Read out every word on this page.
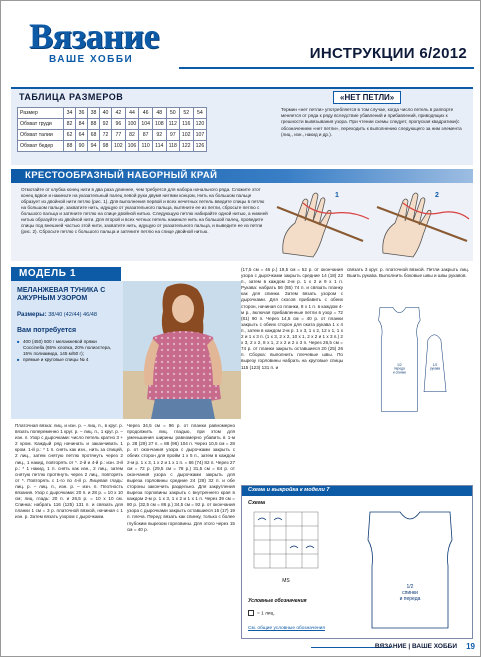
Вязание
ВАШЕ ХОББИ	ИНСТРУКЦИИ 6/2012
ТАБЛИЦА РАЗМЕРОВ
Размер	34	36	38	40	42	44	46	48	50	52	54
Обхват груди	82	84	88	92	96	100	104	108	112	116	120
Обхват талии	62	64	68	72	77	82	87	92	97	102	107
Обхват бедер	88	90	94	98	102	106	110	114	118	122	126
«НЕТ ПЕТЛИ»
Термин «нет петли» употребляется в том случае, когда число петель в раппорте меняется от ряда к ряду вследствие убавлений и прибавлений, приводящих к грешности вывязывания узора. При чтении схемы следует, пропуская квадратики(с обозначением «нет петли», переходить к выполнению следующего за ним элемента (лиц., изн., накид и др.).
КРЕСТООБРАЗНЫЙ НАБОРНЫЙ КРАЙ
Отмотайте от клубка конец нити в два раза длиннее, чем требуется для набора начального ряда. Сложите этот конец вдвое и накиньте на указательный палец левой руки двумя нитями концом, Нить на большом пальце образует из двойной нити петлю (рис. 1). Для выполнения первой и всех нечетных петель введите спицы в петлю на большом пальце, захватите нить, идущую от указательного пальца, вытяните ее из петли, сбросьте петлю с большого пальца и затяните петлю на спице двойной нитью. Следующую петлю набирайте одной нитью, а нижней нитью образуйте из двойной нити. Для второй и всех четных петель накиньте нить на большой палец, проведите спицы под внешней частью этой нити, захватите нить, идущую от указательного пальца, и выведите ее из петли (рис. 2). Сбросьте петлю с большого пальца и затяните петлю на спице двойной нитью.
1	2
МОДЕЛЬ 1
МЕЛАНЖЕВАЯ ТУНИКА С АЖУРНЫМ УЗОРОМ
Размеры: 38/40 (42/44) 46/48
Вам потребуется
■ 400 (450) 500 г меланжевой пряжи Coccinella (65% хлопка, 20% полиэстера, 15% полиамида, 145 м/50 г);
■ прямые и круговые спицы № 4
Платочная вязка: лиц. и изн. р. – лиц. п., в круг. р. вязать попеременно 1 круг. р. – лиц. п., 1 круг. р. – изн. п. Узор с дырочками: число петель кратно 3 + 2 кром. Каждый ряд начинать и заканчивать 1 кром. 1-й р.: * 1 п. снять как изн., нить за спицей, 2 лиц., затем снятую петлю протянуть через 2 лиц., 1 накид, повторять от *. 2-й и 4-й р.: изн. 3-й р.: * 1 накид, 1 п. снять как изн., 2 лиц., затем снятую петлю протянуть через 2 лиц., повторять от *. Повторять с 1-го по 4-й р. Лицевая гладь: лиц. р. – лиц. п., изн. р. – изн. п. Плотность вязания. Узор с дырочками: 20 п. и 28 р. = 10 х 10 см; лиц. гладь: 20 п. и 26,5 р. = 10 х 10 см. Спинка: набрать 116 (125) 131 п. и связать для планки 1 см = 3 р. платочной вязкой, начиная с 1 изн. р. Затем вязать узором с дырочками.
Через 34,5 см = 96 р. от планки равномерно продолжить лиц. гладью, при этом для уменьшения ширины равномерно убавить в 1-м р. 28 (29) 27 п. = 88 (96) 104 п. Через 10,5 см = 28 р. от окончания узора с дырочками закрыть с обеих сторон для пройм 1 х 5 п., затем в каждом 2-м р. 1 х 3, 1 х 2 и 1 х 1 п. = 66 (74) 82 п. Через 27 см = 72 р. (29,5 см = 78 р.) 31,5 см = 84 р. от окончания узора с дырочками закрыть для выреза горловины средние 24 (28) 32 п. и обе стороны закончить раздельно. Для закругления выреза горловины закрыть с внутреннего края в каждом 2-м р. 1 х 3, 1 х 2 и 1 х 1 п. Через 39 см = 80 р. (32,5 см = 86 р.) 34,5 см = 92 р. от окончания узора с дырочками закрыть оставшиеся 15 (17) 19 п. плеча. Перед: вязать как спинку, только с более глубоким вырезом горловины. Для этого через 15 см = 40 р.
(17,5 см = 46 р.) 19,5 см = 52 р. от окончания узора с дырочками закрыть средние 14 (18) 22 п., затем в каждом 2-м р. 1 х 2 и 9 х 1 п. Рукава: набрать 56 (55) 74 п. и связать планку как для спинки. Затем вязать узором с дырочками. Для скосов прибавить с обеих сторон, начиная со планки, 8 х 1 п. в каждом 4-м р., включая прибавленные петли в узор = 72 (81) 90 п. Через 14,5 см = 40 р. от планки закрыть с обеих сторон для оката рукава 1 х 4 п., затем в каждом 2-м р. 1 х 3, 1 х 2, 12 х 1, 1 х 2 и 1 х 3 п. (1 х 3, 2 х 2, 10 х 1, 2 х 2 и 1 х 3 п.) 2 х 3, 2 х 2, 8 х 1, 2 х 2 и 2 х 3 п. Через 26,5 см = 74 р. от планки закрыть оставшиеся 20 (25) 26 п. Сборка: выполнить плечевые швы. По вырезу горловины набрать на круговые спицы 115 (123) 131 п. и
связать 3 круг. р. платочной вязкой. Петли закрыть лиц. Вшить рукава. Выполнить боковые швы и швы рукавов.
1/2 переда и спинки
1/2 рукава
Схема и выкройка к модели 7
Схема
MS
Условные обозначения
= 1 лиц.
См. общие условные обозначения
1/2 спинки и переда
ВЯЗАНИЕ | ВАШЕ ХОББИ 19
